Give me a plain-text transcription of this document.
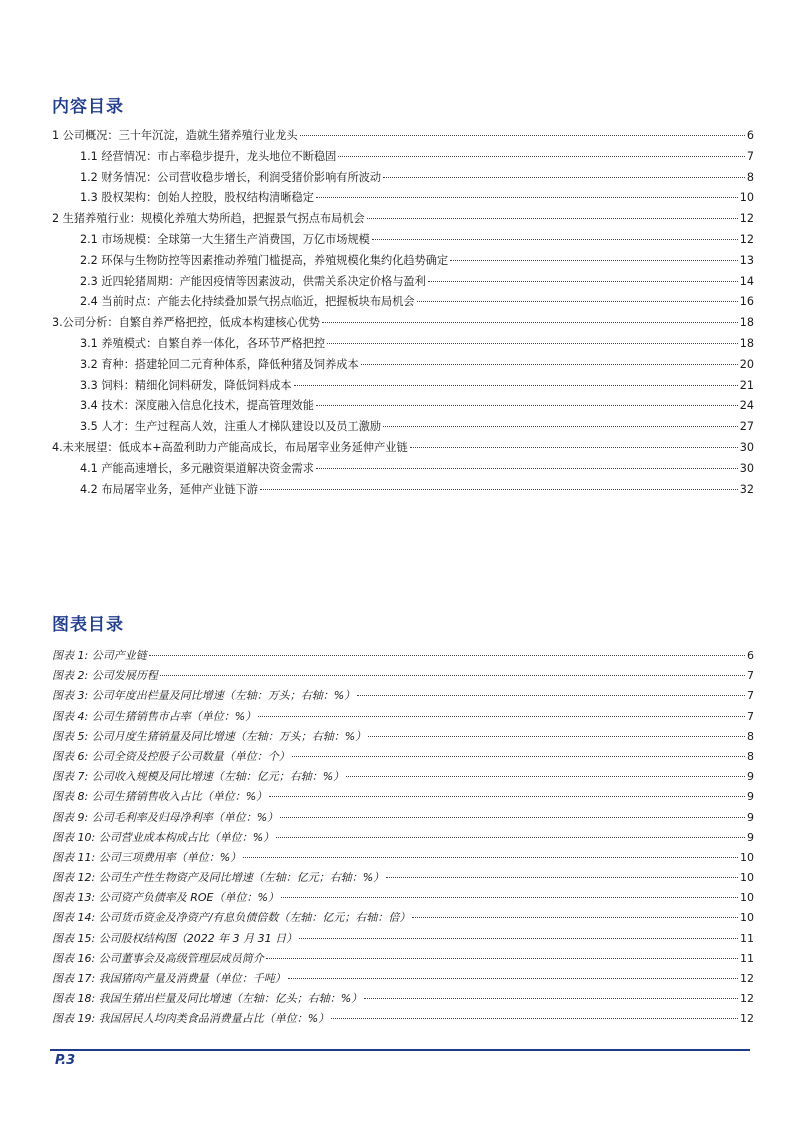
内容目录
1 公司概况：三十年沉淀，造就生猪养殖行业龙头	6
1.1 经营情况：市占率稳步提升，龙头地位不断稳固	7
1.2 财务情况：公司营收稳步增长，利润受猪价影响有所波动	8
1.3 股权架构：创始人控股，股权结构清晰稳定	10
2 生猪养殖行业：规模化养殖大势所趋，把握景气拐点布局机会	12
2.1 市场规模：全球第一大生猪生产消费国，万亿市场规模	12
2.2 环保与生物防控等因素推动养殖门槛提高，养殖规模化集约化趋势确定	13
2.3 近四轮猪周期：产能因疫情等因素波动，供需关系决定价格与盈利	14
2.4 当前时点：产能去化持续叠加景气拐点临近，把握板块布局机会	16
3.公司分析：自繁自养严格把控，低成本构建核心优势	18
3.1 养殖模式：自繁自养一体化，各环节严格把控	18
3.2 育种：搭建轮回二元育种体系，降低种猪及饲养成本	20
3.3 饲料：精细化饲料研发，降低饲料成本	21
3.4 技术：深度融入信息化技术，提高管理效能	24
3.5 人才：生产过程高人效，注重人才梯队建设以及员工激励	27
4.未来展望：低成本+高盈利助力产能高成长，布局屠宰业务延伸产业链	30
4.1 产能高速增长，多元融资渠道解决资金需求	30
4.2 布局屠宰业务，延伸产业链下游	32
图表目录
图表 1: 公司产业链	6
图表 2: 公司发展历程	7
图表 3: 公司年度出栏量及同比增速（左轴：万头；右轴：%）	7
图表 4: 公司生猪销售市占率（单位：%）	7
图表 5: 公司月度生猪销量及同比增速（左轴：万头；右轴：%）	8
图表 6: 公司全资及控股子公司数量（单位：个）	8
图表 7: 公司收入规模及同比增速（左轴：亿元；右轴：%）	9
图表 8: 公司生猪销售收入占比（单位：%）	9
图表 9: 公司毛利率及归母净利率（单位：%）	9
图表 10: 公司营业成本构成占比（单位：%）	9
图表 11: 公司三项费用率（单位：%）	10
图表 12: 公司生产性生物资产及同比增速（左轴：亿元；右轴：%）	10
图表 13: 公司资产负债率及 ROE（单位：%）	10
图表 14: 公司货币资金及净资产/有息负债倍数（左轴：亿元；右轴：倍）	10
图表 15: 公司股权结构图（2022 年 3 月 31 日）	11
图表 16: 公司董事会及高级管理层成员简介	11
图表 17: 我国猪肉产量及消费量（单位：千吨）	12
图表 18: 我国生猪出栏量及同比增速（左轴：亿头；右轴：%）	12
图表 19: 我国居民人均肉类食品消费量占比（单位：%）	12
P.3
